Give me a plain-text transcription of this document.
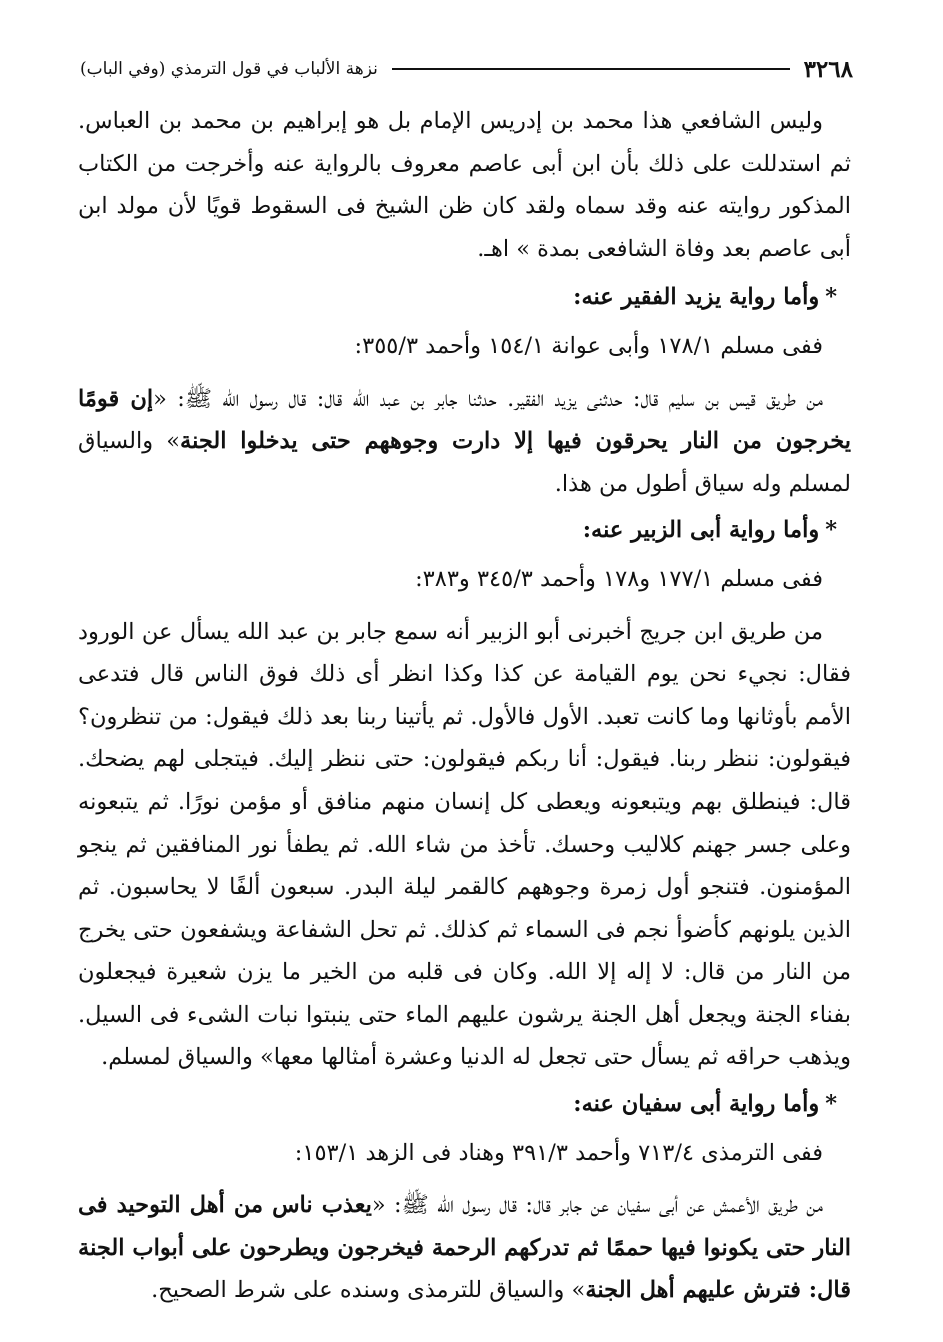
٣٢٦٨
نزهة الألباب في قول الترمذي (وفي الباب)

وليس الشافعي هذا محمد بن إدريس الإمام بل هو إبراهيم بن محمد بن العباس. ثم استدللت على ذلك بأن ابن أبى عاصم معروف بالرواية عنه وأخرجت من الكتاب المذكور روايته عنه وقد سماه ولقد كان ظن الشيخ فى السقوط قويًا لأن مولد ابن أبى عاصم بعد وفاة الشافعى بمدة » اهـ.

*وأما رواية يزيد الفقير عنه:

ففى مسلم ١٧٨/١ وأبى عوانة ١٥٤/١ وأحمد ٣٥٥/٣:

من طريق قيس بن سليم قال: حدثنى يزيد الفقير. حدثنا جابر بن عبد الله قال: قال رسول الله ﷺ: «إن قومًا يخرجون من النار يحرقون فيها إلا دارت وجوههم حتى يدخلوا الجنة» والسياق لمسلم وله سياق أطول من هذا.

*وأما رواية أبى الزبير عنه:

ففى مسلم ١٧٧/١ و١٧٨ وأحمد ٣٤٥/٣ و٣٨٣:

من طريق ابن جريج أخبرنى أبو الزبير أنه سمع جابر بن عبد الله يسأل عن الورود فقال: نجيء نحن يوم القيامة عن كذا وكذا انظر أى ذلك فوق الناس قال فتدعى الأمم بأوثانها وما كانت تعبد. الأول فالأول. ثم يأتينا ربنا بعد ذلك فيقول: من تنظرون؟ فيقولون: ننظر ربنا. فيقول: أنا ربكم فيقولون: حتى ننظر إليك. فيتجلى لهم يضحك. قال: فينطلق بهم ويتبعونه ويعطى كل إنسان منهم منافق أو مؤمن نورًا. ثم يتبعونه وعلى جسر جهنم كلاليب وحسك. تأخذ من شاء الله. ثم يطفأ نور المنافقين ثم ينجو المؤمنون. فتنجو أول زمرة وجوههم كالقمر ليلة البدر. سبعون ألفًا لا يحاسبون. ثم الذين يلونهم كأضوأ نجم فى السماء ثم كذلك. ثم تحل الشفاعة ويشفعون حتى يخرج من النار من قال: لا إله إلا الله. وكان فى قلبه من الخير ما يزن شعيرة فيجعلون بفناء الجنة ويجعل أهل الجنة يرشون عليهم الماء حتى ينبتوا نبات الشىء فى السيل. ويذهب حراقه ثم يسأل حتى تجعل له الدنيا وعشرة أمثالها معها» والسياق لمسلم.

*وأما رواية أبى سفيان عنه:

ففى الترمذى ٧١٣/٤ وأحمد ٣٩١/٣ وهناد فى الزهد ١٥٣/١:

من طريق الأعمش عن أبى سفيان عن جابر قال: قال رسول الله ﷺ: «يعذب ناس من أهل التوحيد فى النار حتى يكونوا فيها حممًا ثم تدركهم الرحمة فيخرجون ويطرحون على أبواب الجنة قال: فترش عليهم أهل الجنة» والسياق للترمذى وسنده على شرط الصحيح.
